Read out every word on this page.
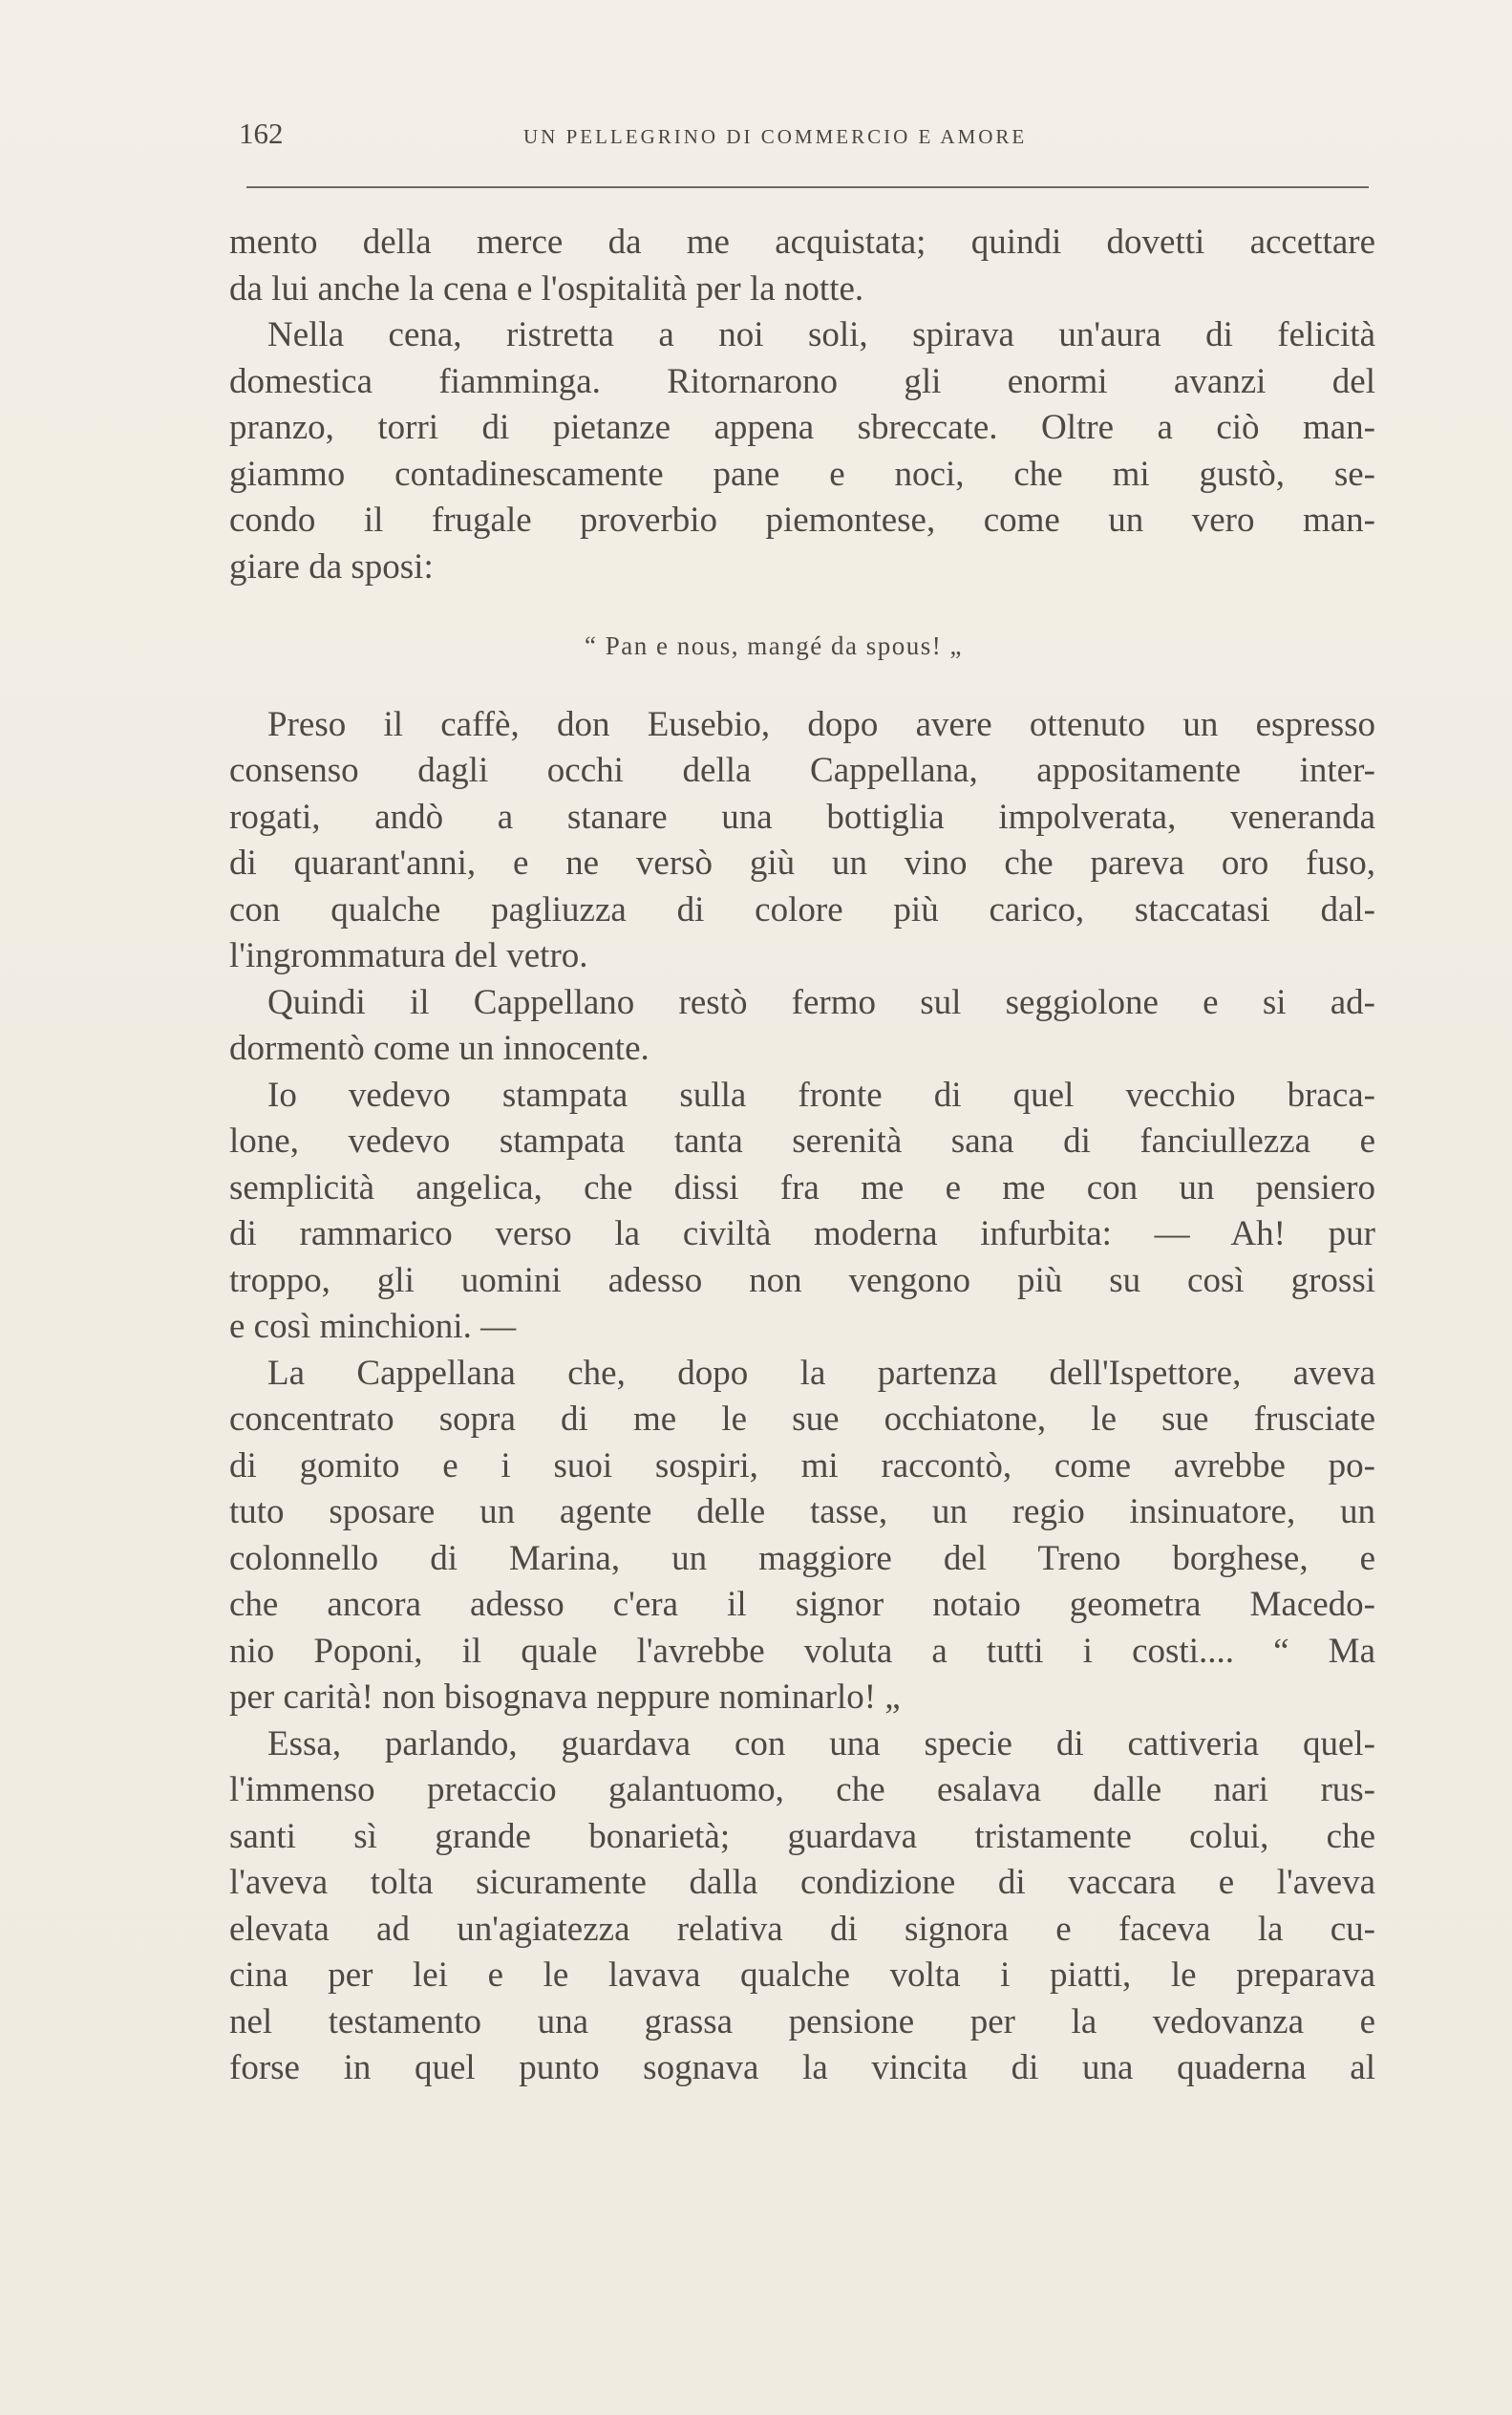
162	UN PELLEGRINO DI COMMERCIO E AMORE
mento della merce da me acquistata; quindi dovetti accettare
da lui anche la cena e l'ospitalità per la notte.
Nella cena, ristretta a noi soli, spirava un'aura di felicità
domestica fiamminga. Ritornarono gli enormi avanzi del
pranzo, torri di pietanze appena sbreccate. Oltre a ciò man-
giammo contadinescamente pane e noci, che mi gustò, se-
condo il frugale proverbio piemontese, come un vero man-
giare da sposi:
“ Pan e nous, mangé da spous! „
Preso il caffè, don Eusebio, dopo avere ottenuto un espresso
consenso dagli occhi della Cappellana, appositamente inter-
rogati, andò a stanare una bottiglia impolverata, veneranda
di quarant'anni, e ne versò giù un vino che pareva oro fuso,
con qualche pagliuzza di colore più carico, staccatasi dal-
l'ingrommatura del vetro.
Quindi il Cappellano restò fermo sul seggiolone e si ad-
dormentò come un innocente.
Io vedevo stampata sulla fronte di quel vecchio braca-
lone, vedevo stampata tanta serenità sana di fanciullezza e
semplicità angelica, che dissi fra me e me con un pensiero
di rammarico verso la civiltà moderna infurbita: — Ah! pur
troppo, gli uomini adesso non vengono più su così grossi
e così minchioni. —
La Cappellana che, dopo la partenza dell'Ispettore, aveva
concentrato sopra di me le sue occhiatone, le sue frusciate
di gomito e i suoi sospiri, mi raccontò, come avrebbe po-
tuto sposare un agente delle tasse, un regio insinuatore, un
colonnello di Marina, un maggiore del Treno borghese, e
che ancora adesso c'era il signor notaio geometra Macedo-
nio Poponi, il quale l'avrebbe voluta a tutti i costi.... “ Ma
per carità! non bisognava neppure nominarlo! „
Essa, parlando, guardava con una specie di cattiveria quel-
l'immenso pretaccio galantuomo, che esalava dalle nari rus-
santi sì grande bonarietà; guardava tristamente colui, che
l'aveva tolta sicuramente dalla condizione di vaccara e l'aveva
elevata ad un'agiatezza relativa di signora e faceva la cu-
cina per lei e le lavava qualche volta i piatti, le preparava
nel testamento una grassa pensione per la vedovanza e
forse in quel punto sognava la vincita di una quaderna al
